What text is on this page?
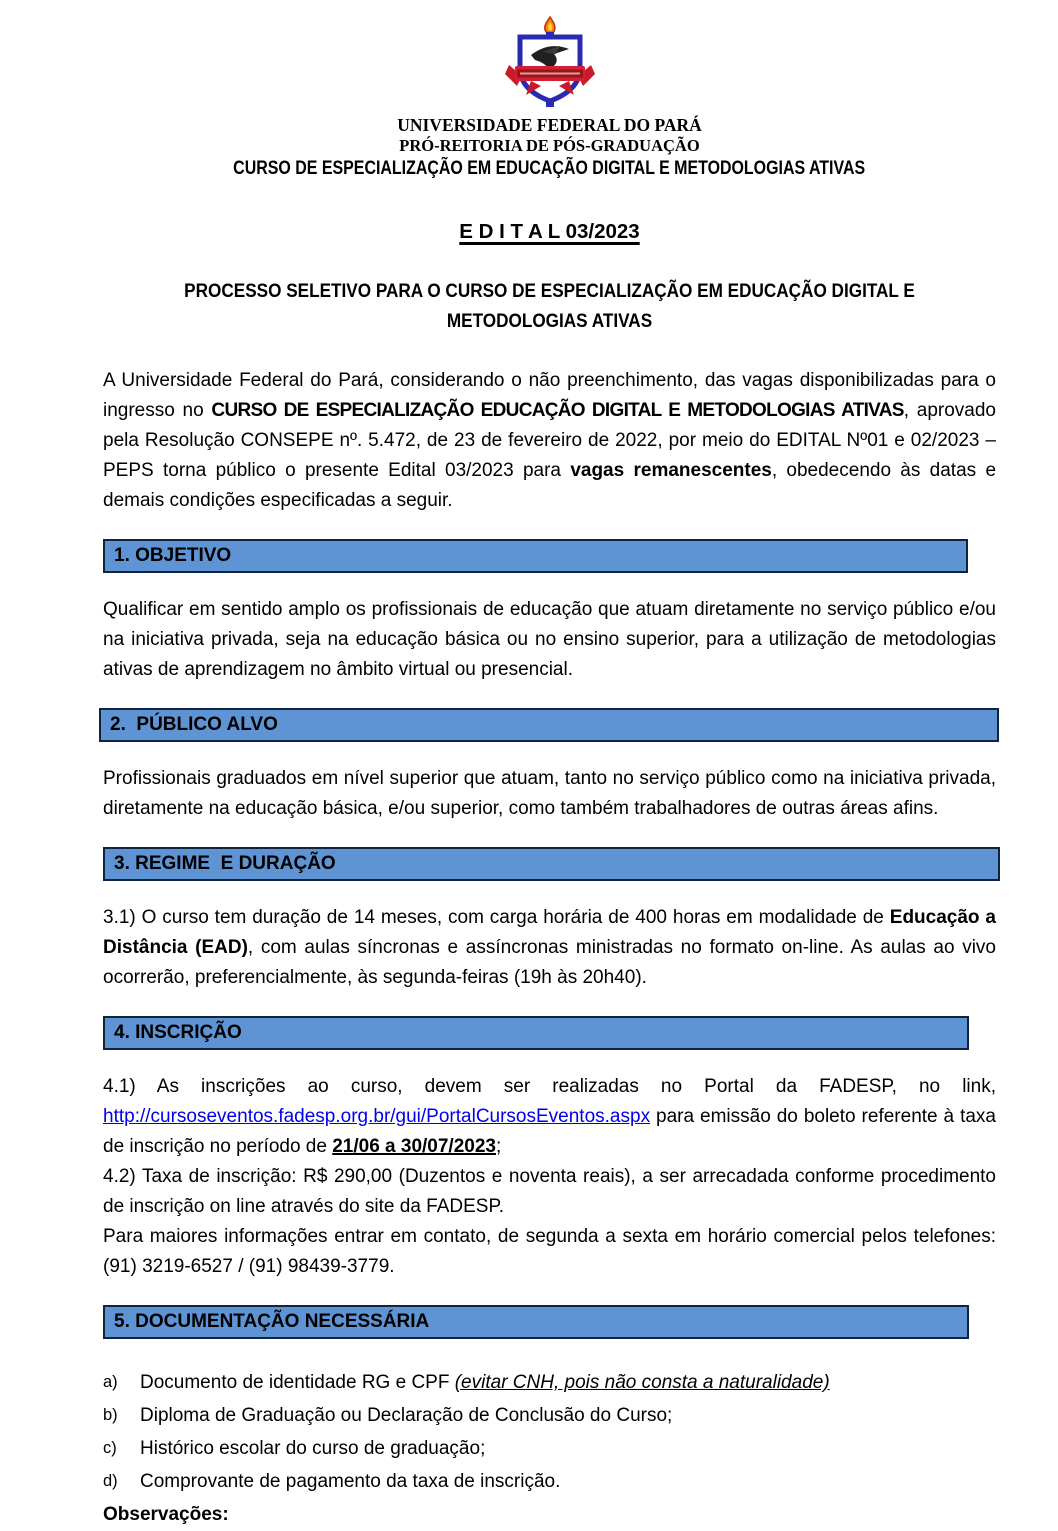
UNIVERSIDADE FEDERAL DO PARÁ
PRÓ-REITORIA DE PÓS-GRADUAÇÃO
CURSO DE ESPECIALIZAÇÃO EM EDUCAÇÃO DIGITAL E METODOLOGIAS ATIVAS
E D I T A L 03/2023
PROCESSO SELETIVO PARA O CURSO DE ESPECIALIZAÇÃO EM EDUCAÇÃO DIGITAL E METODOLOGIAS ATIVAS
A Universidade Federal do Pará, considerando o não preenchimento, das vagas disponibilizadas para o ingresso no CURSO DE ESPECIALIZAÇÃO EDUCAÇÃO DIGITAL E METODOLOGIAS ATIVAS, aprovado pela Resolução CONSEPE nº. 5.472, de 23 de fevereiro de 2022, por meio do EDITAL Nº01 e 02/2023 – PEPS torna público o presente Edital 03/2023 para vagas remanescentes, obedecendo às datas e demais condições especificadas a seguir.
1. OBJETIVO
Qualificar em sentido amplo os profissionais de educação que atuam diretamente no serviço público e/ou na iniciativa privada, seja na educação básica ou no ensino superior, para a utilização de metodologias ativas de aprendizagem no âmbito virtual ou presencial.
2.  PÚBLICO ALVO
Profissionais graduados em nível superior que atuam, tanto no serviço público como na iniciativa privada, diretamente na educação básica, e/ou superior, como também trabalhadores de outras áreas afins.
3. REGIME  E DURAÇÃO
3.1) O curso tem duração de 14 meses, com carga horária de 400 horas em modalidade de Educação a Distância (EAD), com aulas síncronas e assíncronas ministradas no formato on-line. As aulas ao vivo ocorrerão, preferencialmente, às segunda-feiras (19h às 20h40).
4. INSCRIÇÃO
4.1) As inscrições ao curso, devem ser realizadas no Portal da FADESP, no link, http://cursoseventos.fadesp.org.br/gui/PortalCursosEventos.aspx para emissão do boleto referente à taxa de inscrição no período de 21/06 a 30/07/2023;
4.2) Taxa de inscrição: R$ 290,00 (Duzentos e noventa reais), a ser arrecadada conforme procedimento de inscrição on line através do site da FADESP.
Para maiores informações entrar em contato, de segunda a sexta em horário comercial pelos telefones: (91) 3219-6527 / (91) 98439-3779.
5. DOCUMENTAÇÃO NECESSÁRIA
a)	Documento de identidade RG e CPF (evitar CNH, pois não consta a naturalidade)
b)	Diploma de Graduação ou Declaração de Conclusão do Curso;
c)	Histórico escolar do curso de graduação;
d)	Comprovante de pagamento da taxa de inscrição.
Observações:
